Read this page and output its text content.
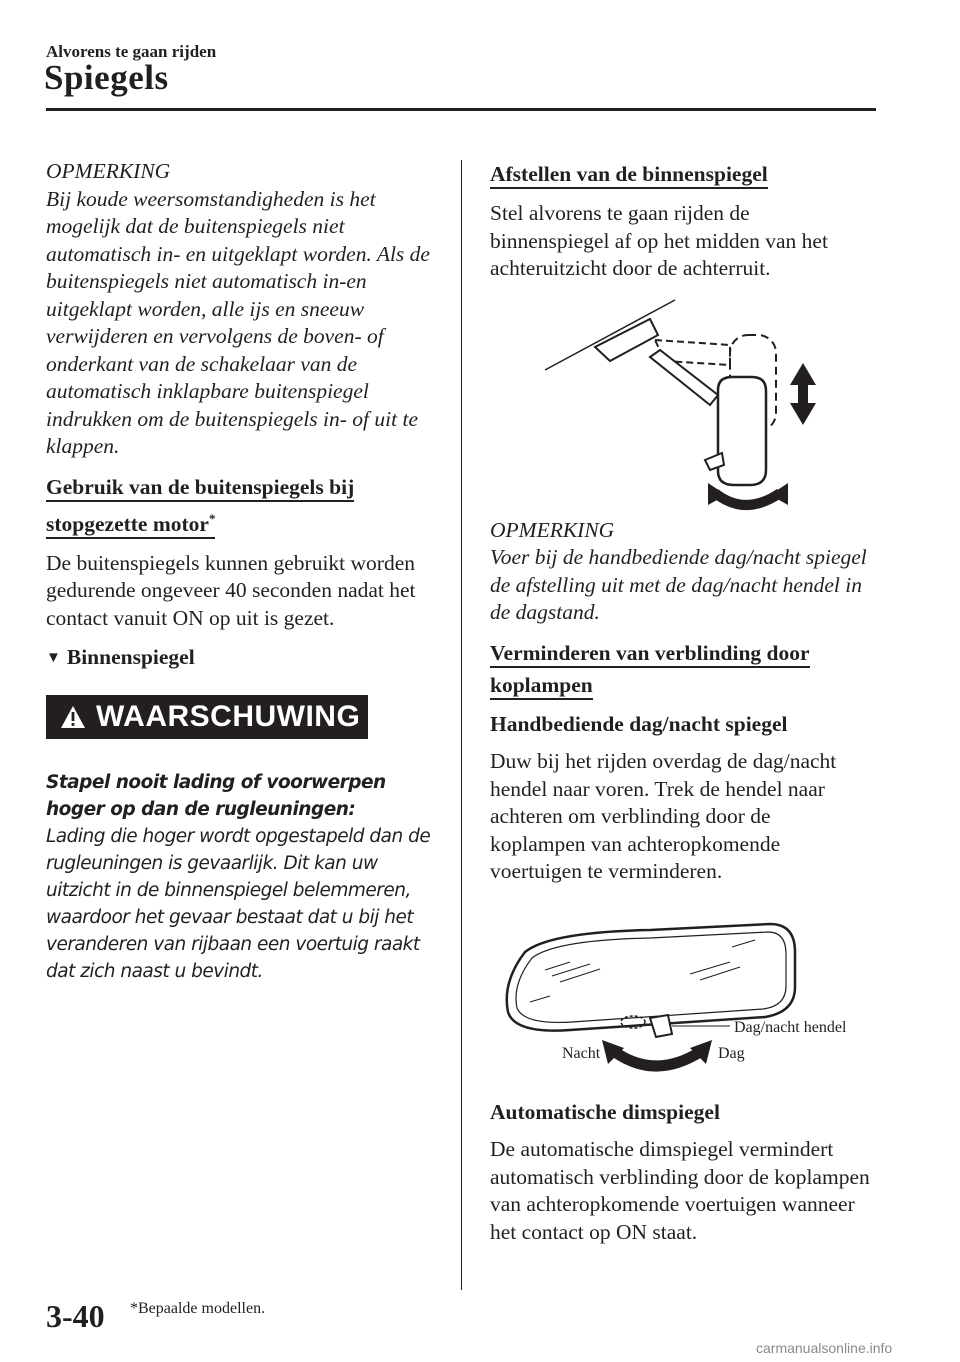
Alvorens te gaan rijden
Spiegels
OPMERKING

Bij koude weersomstandigheden is het mogelijk dat de buitenspiegels niet automatisch in- en uitgeklapt worden. Als de buitenspiegels niet automatisch in-en uitgeklapt worden, alle ijs en sneeuw verwijderen en vervolgens de boven- of onderkant van de schakelaar van de automatisch inklapbare buitenspiegel indrukken om de buitenspiegels in- of uit te klappen.

Gebruik van de buitenspiegels bij
stopgezette motor*

De buitenspiegels kunnen gebruikt worden gedurende ongeveer 40 seconden nadat het contact vanuit ON op uit is gezet.

▼ Binnenspiegel
WAARSCHUWING
Stapel nooit lading of voorwerpen hoger op dan de rugleuningen:

Lading die hoger wordt opgestapeld dan de rugleuningen is gevaarlijk. Dit kan uw uitzicht in de binnenspiegel belemmeren, waardoor het gevaar bestaat dat u bij het veranderen van rijbaan een voertuig raakt dat zich naast u bevindt.

Afstellen van de binnenspiegel

Stel alvorens te gaan rijden de binnenspiegel af op het midden van het achteruitzicht door de achterruit.

OPMERKING

Voer bij de handbediende dag/nacht spiegel de afstelling uit met de dag/nacht hendel in de dagstand.

Verminderen van verblinding door
koplampen
Handbediende dag/nacht spiegel

Duw bij het rijden overdag de dag/nacht hendel naar voren. Trek de hendel naar achteren om verblinding door de koplampen van achteropkomende voertuigen te verminderen.

Automatische dimspiegel

De automatische dimspiegel vermindert automatisch verblinding door de koplampen van achteropkomende voertuigen wanneer het contact op ON staat.

Dag/nacht hendel
Nacht	Dag
3-40 *Bepaalde modellen.
carmanualsonline.info
